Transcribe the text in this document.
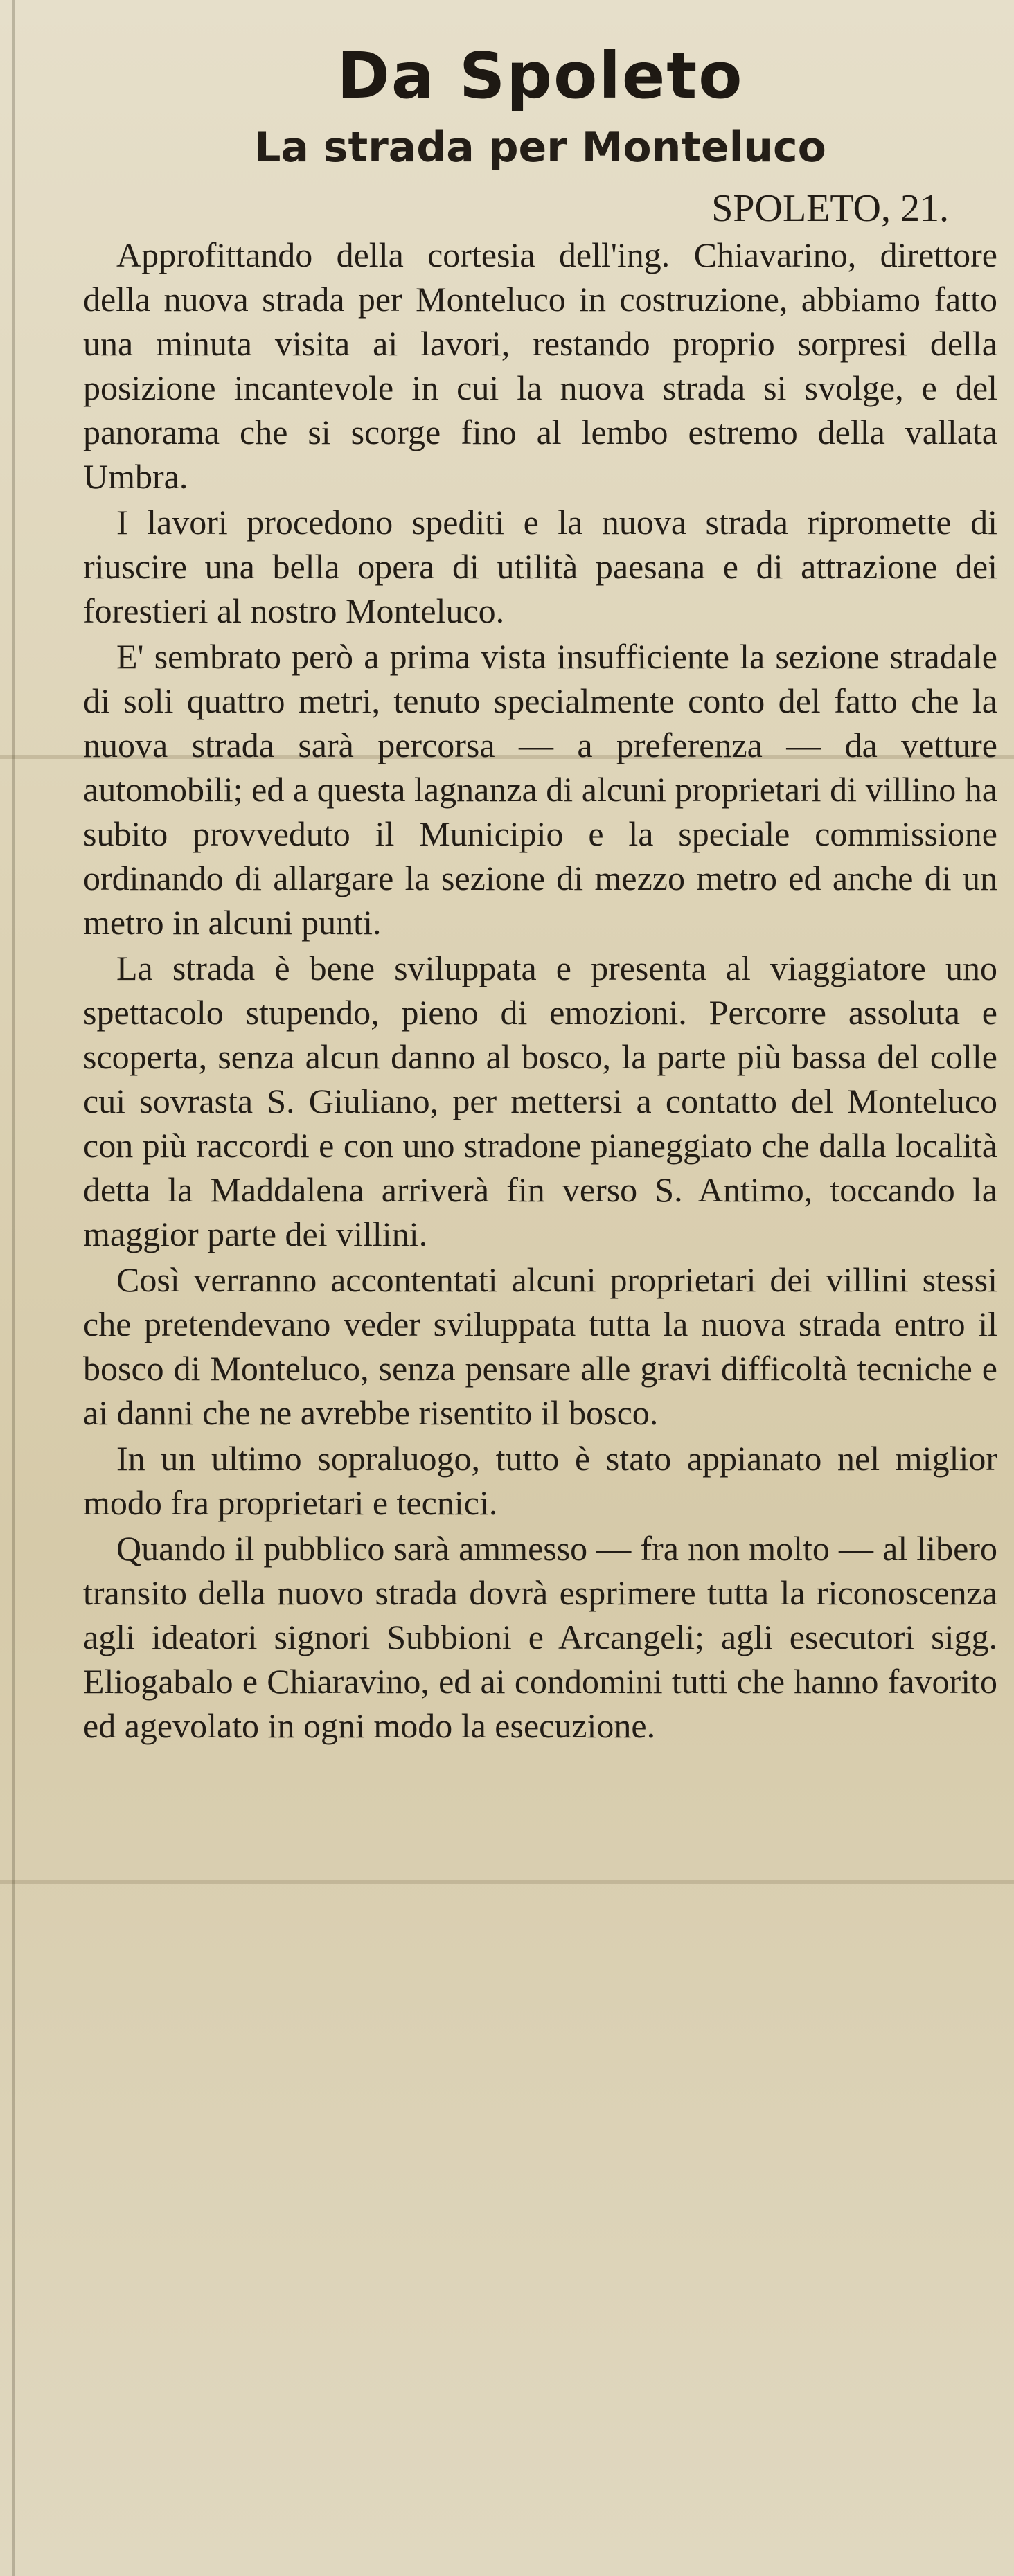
Da Spoleto
La strada per Monteluco
SPOLETO, 21.

Approfittando della cortesia dell'ing. Chiavarino, direttore della nuova strada per Monteluco in costruzione, abbiamo fatto una minuta visita ai lavori, restando proprio sorpresi della posizione incantevole in cui la nuova strada si svolge, e del panorama che si scorge fino al lembo estremo della vallata Umbra.

I lavori procedono spediti e la nuova strada ripromette di riuscire una bella opera di utilità paesana e di attrazione dei forestieri al nostro Monteluco.

E' sembrato però a prima vista insufficiente la sezione stradale di soli quattro metri, tenuto specialmente conto del fatto che la nuova strada sarà percorsa — a preferenza — da vetture automobili; ed a questa lagnanza di alcuni proprietari di villino ha subito provveduto il Municipio e la speciale commissione ordinando di allargare la sezione di mezzo metro ed anche di un metro in alcuni punti.

La strada è bene sviluppata e presenta al viaggiatore uno spettacolo stupendo, pieno di emozioni. Percorre assoluta e scoperta, senza alcun danno al bosco, la parte più bassa del colle cui sovrasta S. Giuliano, per mettersi a contatto del Monteluco con più raccordi e con uno stradone pianeggiato che dalla località detta la Maddalena arriverà fin verso S. Antimo, toccando la maggior parte dei villini.

Così verranno accontentati alcuni proprietari dei villini stessi che pretendevano veder sviluppata tutta la nuova strada entro il bosco di Monteluco, senza pensare alle gravi difficoltà tecniche e ai danni che ne avrebbe risentito il bosco.

In un ultimo sopraluogo, tutto è stato appianato nel miglior modo fra proprietari e tecnici.

Quando il pubblico sarà ammesso — fra non molto — al libero transito della nuovo strada dovrà esprimere tutta la riconoscenza agli ideatori signori Subbioni e Arcangeli; agli esecutori sigg. Eliogabalo e Chiaravino, ed ai condomini tutti che hanno favorito ed agevolato in ogni modo la esecuzione.
